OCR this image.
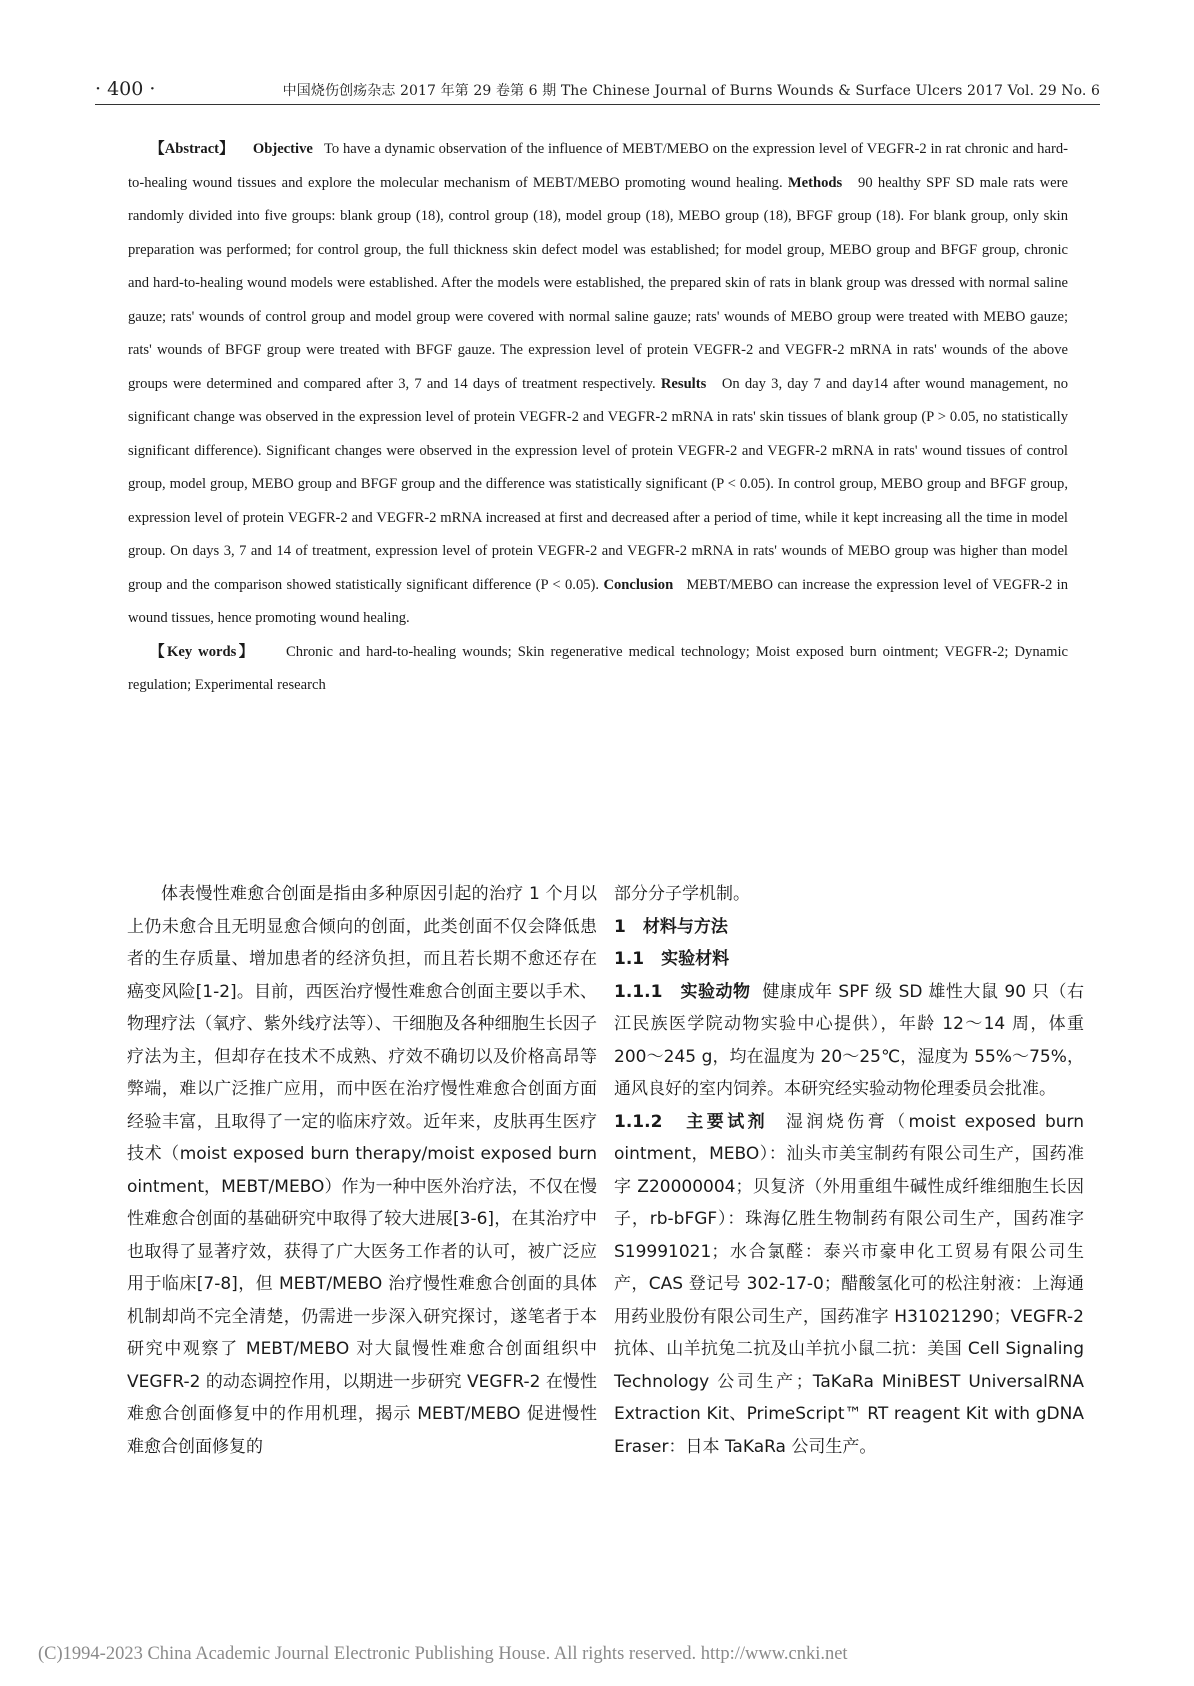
· 400 ·	中国烧伤创疡杂志 2017 年第 29 卷第 6 期 The Chinese Journal of Burns Wounds & Surface Ulcers 2017 Vol. 29 No. 6

【Abstract】 Objective To have a dynamic observation of the influence of MEBT/MEBO on the expression level of VEGFR-2 in rat chronic and hard-to-healing wound tissues and explore the molecular mechanism of MEBT/MEBO promoting wound healing. Methods 90 healthy SPF SD male rats were randomly divided into five groups: blank group (18), control group (18), model group (18), MEBO group (18), BFGF group (18). For blank group, only skin preparation was performed; for control group, the full thickness skin defect model was established; for model group, MEBO group and BFGF group, chronic and hard-to-healing wound models were established. After the models were established, the prepared skin of rats in blank group was dressed with normal saline gauze; rats' wounds of control group and model group were covered with normal saline gauze; rats' wounds of MEBO group were treated with MEBO gauze; rats' wounds of BFGF group were treated with BFGF gauze. The expression level of protein VEGFR-2 and VEGFR-2 mRNA in rats' wounds of the above groups were determined and compared after 3, 7 and 14 days of treatment respectively. Results On day 3, day 7 and day14 after wound management, no significant change was observed in the expression level of protein VEGFR-2 and VEGFR-2 mRNA in rats' skin tissues of blank group (P > 0.05, no statistically significant difference). Significant changes were observed in the expression level of protein VEGFR-2 and VEGFR-2 mRNA in rats' wound tissues of control group, model group, MEBO group and BFGF group and the difference was statistically significant (P < 0.05). In control group, MEBO group and BFGF group, expression level of protein VEGFR-2 and VEGFR-2 mRNA increased at first and decreased after a period of time, while it kept increasing all the time in model group. On days 3, 7 and 14 of treatment, expression level of protein VEGFR-2 and VEGFR-2 mRNA in rats' wounds of MEBO group was higher than model group and the comparison showed statistically significant difference (P < 0.05). Conclusion MEBT/MEBO can increase the expression level of VEGFR-2 in wound tissues, hence promoting wound healing.

【Key words】 Chronic and hard-to-healing wounds; Skin regenerative medical technology; Moist exposed burn ointment; VEGFR-2; Dynamic regulation; Experimental research

体表慢性难愈合创面是指由多种原因引起的治疗 1 个月以上仍未愈合且无明显愈合倾向的创面，此类创面不仅会降低患者的生存质量、增加患者的经济负担，而且若长期不愈还存在癌变风险[1-2]。目前，西医治疗慢性难愈合创面主要以手术、物理疗法（氧疗、紫外线疗法等）、干细胞及各种细胞生长因子疗法为主，但却存在技术不成熟、疗效不确切以及价格高昂等弊端，难以广泛推广应用，而中医在治疗慢性难愈合创面方面经验丰富，且取得了一定的临床疗效。近年来，皮肤再生医疗技术（moist exposed burn therapy/moist exposed burn ointment，MEBT/MEBO）作为一种中医外治疗法，不仅在慢性难愈合创面的基础研究中取得了较大进展[3-6]，在其治疗中也取得了显著疗效，获得了广大医务工作者的认可，被广泛应用于临床[7-8]，但 MEBT/MEBO 治疗慢性难愈合创面的具体机制却尚不完全清楚，仍需进一步深入研究探讨，遂笔者于本研究中观察了 MEBT/MEBO 对大鼠慢性难愈合创面组织中 VEGFR-2 的动态调控作用，以期进一步研究 VEGFR-2 在慢性难愈合创面修复中的作用机理，揭示 MEBT/MEBO 促进慢性难愈合创面修复的

部分分子学机制。

1　材料与方法

1.1　实验材料

1.1.1　实验动物 健康成年 SPF 级 SD 雄性大鼠 90 只（右江民族医学院动物实验中心提供），年龄 12～14 周，体重 200～245 g，均在温度为 20～25℃，湿度为 55%～75%，通风良好的室内饲养。本研究经实验动物伦理委员会批准。

1.1.2　主要试剂 湿润烧伤膏（moist exposed burn ointment，MEBO）：汕头市美宝制药有限公司生产，国药准字 Z20000004；贝复济（外用重组牛碱性成纤维细胞生长因子，rb-bFGF）：珠海亿胜生物制药有限公司生产，国药准字 S19991021；水合氯醛：泰兴市豪申化工贸易有限公司生产，CAS 登记号 302-17-0；醋酸氢化可的松注射液：上海通用药业股份有限公司生产，国药准字 H31021290；VEGFR-2抗体、山羊抗兔二抗及山羊抗小鼠二抗：美国 Cell Signaling Technology 公司生产；TaKaRa MiniBEST UniversalRNA Extraction Kit、PrimeScript™ RT reagent Kit with gDNA Eraser：日本 TaKaRa 公司生产。

(C)1994-2023 China Academic Journal Electronic Publishing House. All rights reserved. http://www.cnki.net
